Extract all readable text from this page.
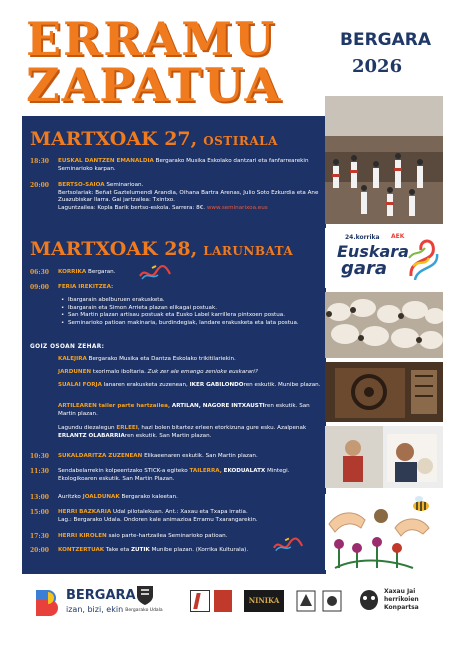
ERRAMU
ZAPATUA
BERGARA
2026
MARTXOAK 27, OSTIRALA
18:30	EUSKAL DANTZEN EMANALDIA Bergarako Musika Eskolako dantzari eta fanfarrearekin Seminarioko karpan.
20:00	BERTSO-SAIOA Seminarioan.
Bertsolariak: Beñat Gaztelumendi Arandia, Oihana Bartra Arenas, Julio Soto Ezkurdia eta Ane Zuazubiskar Ilarra. Gai jartzailea: Txintxo.
Laguntzailea: Kopla Barik bertso-eskola. Sarrera: 8€. www.seminarixoa.eus
MARTXOAK 28, LARUNBATA
06:30	KORRIKA Bergaran.
09:00	FERIA IREKITZEA:
• Ibargarain abelburuen erakusketa.
• Ibargarain eta Simon Arrieta plazan elikagai postuak.
• San Martin plazan artisau postuak eta Eusko Label karrillera pintxoen postua.
• Seminarioko patioan makinaria, burdindegiak, landare erakusketa eta lata postua.
GOIZ OSOAN ZEHAR:
KALEJIRA Bergarako Musika eta Dantza Eskolako trikitilariekin.
JARDUNEN txorimalo iboltaria. Zuk zer ale emango zenioke euskarari?
SUALAI FORJA lanaren erakusketa zuzenean, IKER GABILONDOren eskutik. Munibe plazan.
ARTILEAREN tailer parte hartzailea, ARTILAN, NAGORE INTXAUSTIren eskutik. San Martin plazan.
Lagundu diezalegun ERLEEI, hazi bolen bitartez erleen etorkizuna gure esku. Azalpenak ERLANTZ OLABARRIAren eskutik. San Martin plazan.
10:30	SUKALDARITZA ZUZENEAN Elikaeenaren eskutik. San Martin plazan.
11:30	Sendabelarrekin kolpeentzako STICK-a egiteko TAILERRA, EKODUALATX Mintegi. Ekologikoaren eskutik. San Martin Plazan.
13:00	Auritzko JOALDUNAK Bergarako kaleetan.
15:00	HERRI BAZKARIA Udal pilotalekuan. Ant.: Xaxau eta Txapa irratia.
Lag.: Bergarako Udala. Ondoren kale animazioa Erramu Txarangarekin.
17:30	HERRI KIROLEN saio parte-hartzailea Seminarioko patioan.
20:00	KONTZERTUAK Take eta ZUTIK Munibe plazan. (Korrika Kulturala).
24.korrika
Euskara
gara
AEK
BERGARA
izan, bizi, ekin Bergarako Udala
NINIKA
Xaxau Jai herrikoien Konpartsa
